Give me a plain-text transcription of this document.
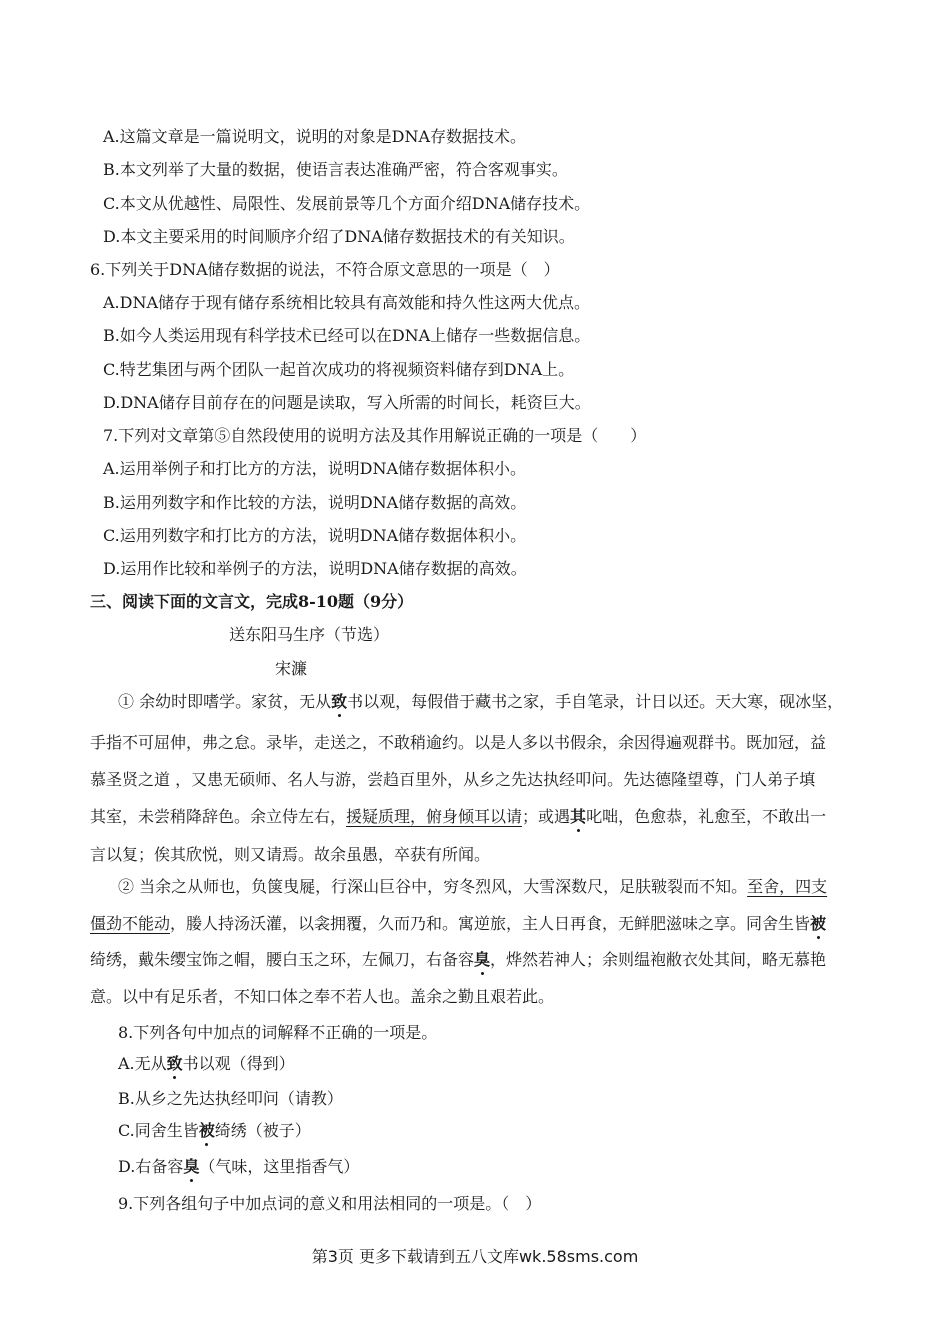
A.这篇文章是一篇说明文，说明的对象是DNA存数据技术。
B.本文列举了大量的数据，使语言表达准确严密，符合客观事实。
C.本文从优越性、局限性、发展前景等几个方面介绍DNA储存技术。
D.本文主要采用的时间顺序介绍了DNA储存数据技术的有关知识。
6.下列关于DNA储存数据的说法，不符合原文意思的一项是（　）
A.DNA储存于现有储存系统相比较具有高效能和持久性这两大优点。
B.如今人类运用现有科学技术已经可以在DNA上储存一些数据信息。
C.特艺集团与两个团队一起首次成功的将视频资料储存到DNA上。
D.DNA储存目前存在的问题是读取，写入所需的时间长，耗资巨大。
7.下列对文章第⑤自然段使用的说明方法及其作用解说正确的一项是（　　）
A.运用举例子和打比方的方法，说明DNA储存数据体积小。
B.运用列数字和作比较的方法，说明DNA储存数据的高效。
C.运用列数字和打比方的方法，说明DNA储存数据体积小。
D.运用作比较和举例子的方法，说明DNA储存数据的高效。
三、阅读下面的文言文，完成8-10题（9分）
送东阳马生序（节选）
宋濂
① 余幼时即嗜学。家贫，无从致书以观，每假借于藏书之家，手自笔录，计日以还。天大寒，砚冰坚，
手指不可屈伸，弗之怠。录毕，走送之，不敢稍逾约。以是人多以书假余，余因得遍观群书。既加冠，益
慕圣贤之道 ，又患无硕师、名人与游，尝趋百里外，从乡之先达执经叩问。先达德隆望尊，门人弟子填
其室，未尝稍降辞色。余立侍左右，援疑质理，俯身倾耳以请；或遇其叱咄，色愈恭，礼愈至，不敢出一
言以复；俟其欣悦，则又请焉。故余虽愚，卒获有所闻。
② 当余之从师也，负箧曳屣，行深山巨谷中，穷冬烈风，大雪深数尺，足肤皲裂而不知。至舍，四支
僵劲不能动，媵人持汤沃灌，以衾拥覆，久而乃和。寓逆旅，主人日再食，无鲜肥滋味之享。同舍生皆被
绮绣，戴朱缨宝饰之帽，腰白玉之环，左佩刀，右备容臭，烨然若神人；余则缊袍敝衣处其间，略无慕艳
意。以中有足乐者，不知口体之奉不若人也。盖余之勤且艰若此。
8.下列各句中加点的词解释不正确的一项是。
A.无从致书以观（得到）
B.从乡之先达执经叩问（请教）
C.同舍生皆被绮绣（被子）
D.右备容臭（气味，这里指香气）
9.下列各组句子中加点词的意义和用法相同的一项是。（　）
第3页 更多下载请到五八文库wk.58sms.com
